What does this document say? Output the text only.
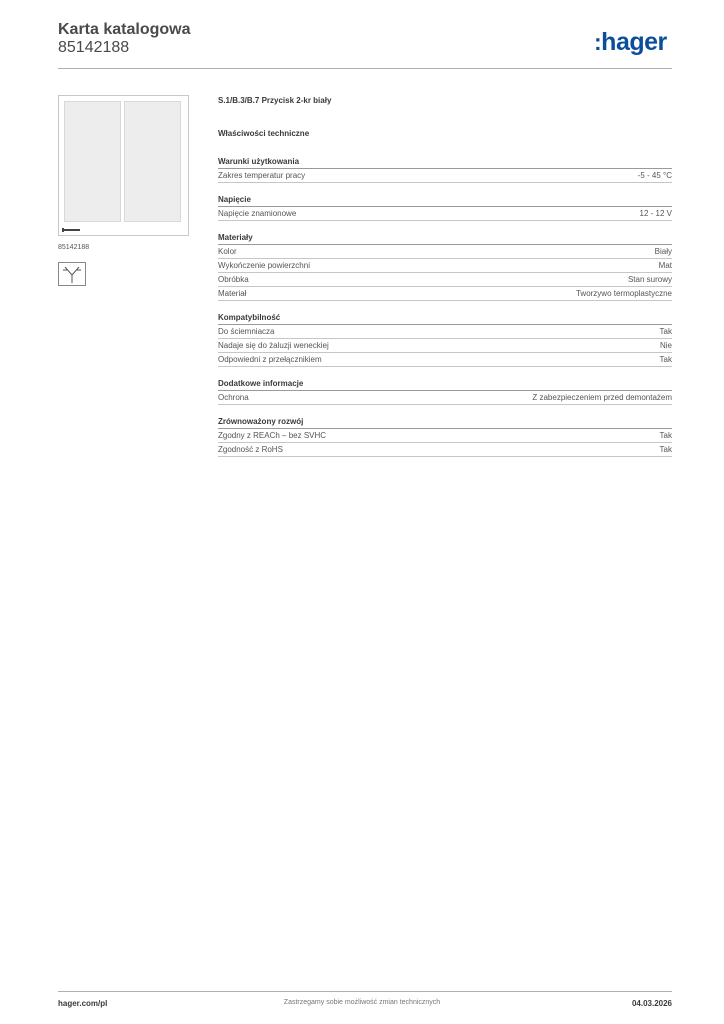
Karta katalogowa
85142188	:hager
85142188
S.1/B.3/B.7 Przycisk 2-kr biały
Właściwości techniczne
Warunki użytkowania
Zakres temperatur pracy	-5 - 45 °C
Napięcie
Napięcie znamionowe	12 - 12 V
Materiały
Kolor	Biały
Wykończenie powierzchni	Mat
Obróbka	Stan surowy
Materiał	Tworzywo termoplastyczne
Kompatybilność
Do ściemniacza	Tak
Nadaje się do żaluzji weneckiej	Nie
Odpowiedni z przełącznikiem	Tak
Dodatkowe informacje
Ochrona	Z zabezpieczeniem przed demontażem
Zrównoważony rozwój
Zgodny z REACh – bez SVHC	Tak
Zgodność z RoHS	Tak
hager.com/pl	Zastrzegamy sobie możliwość zmian technicznych	04.03.2026
